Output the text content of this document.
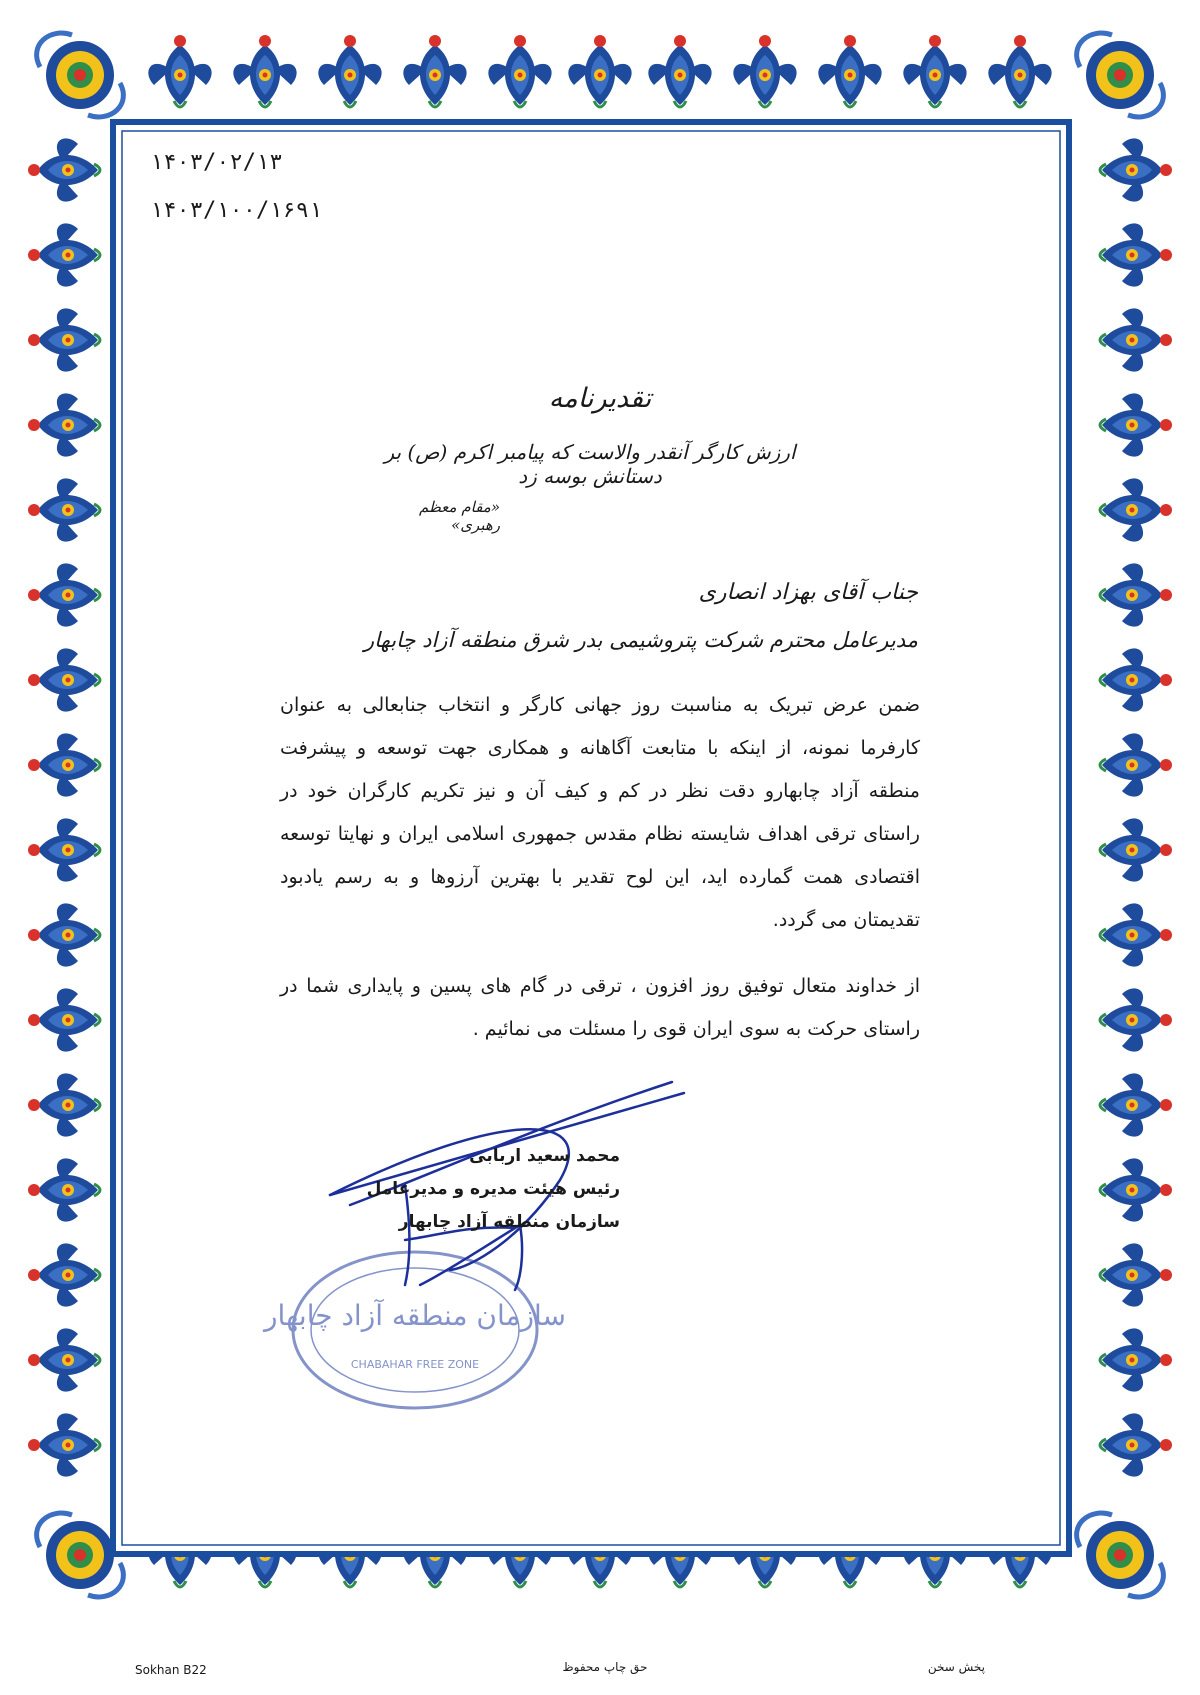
سازمان منطقه آزاد چابهار
CHABAHAR FREE ZONE
۱۴۰۳/۰۲/۱۳
۱۴۰۳/۱۰۰/۱۶۹۱
تقدیرنامه
ارزش کارگر آنقدر والاست که پیامبر اکرم (ص) بر دستانش بوسه زد
«مقام معظم رهبری»
جناب آقای بهزاد انصاری
مدیرعامل محترم شرکت پتروشیمی بدر شرق منطقه آزاد چابهار

ضمن عرض تبریک به مناسبت روز جهانی کارگر و انتخاب جنابعالی به عنوان کارفرما نمونه، از اینکه با متابعت آگاهانه و همکاری جهت توسعه و پیشرفت منطقه آزاد چابهارو دقت نظر در کم و کیف آن و نیز تکریم کارگران خود در راستای ترقی اهداف شایسته نظام مقدس جمهوری اسلامی ایران و نهایتا توسعه اقتصادی همت گمارده اید، این لوح تقدیر با بهترین آرزوها و به رسم یادبود تقدیمتان می گردد.

از خداوند متعال توفیق روز افزون ، ترقی در گام های پسین و پایداری شما در راستای حرکت به سوی ایران قوی را مسئلت می نمائیم .

محمد سعید اربابی
رئیس هیئت مدیره و مدیرعامل
سازمان منطقه آزاد چابهار
Sokhan B22	حق چاپ محفوظ	پخش سخن
